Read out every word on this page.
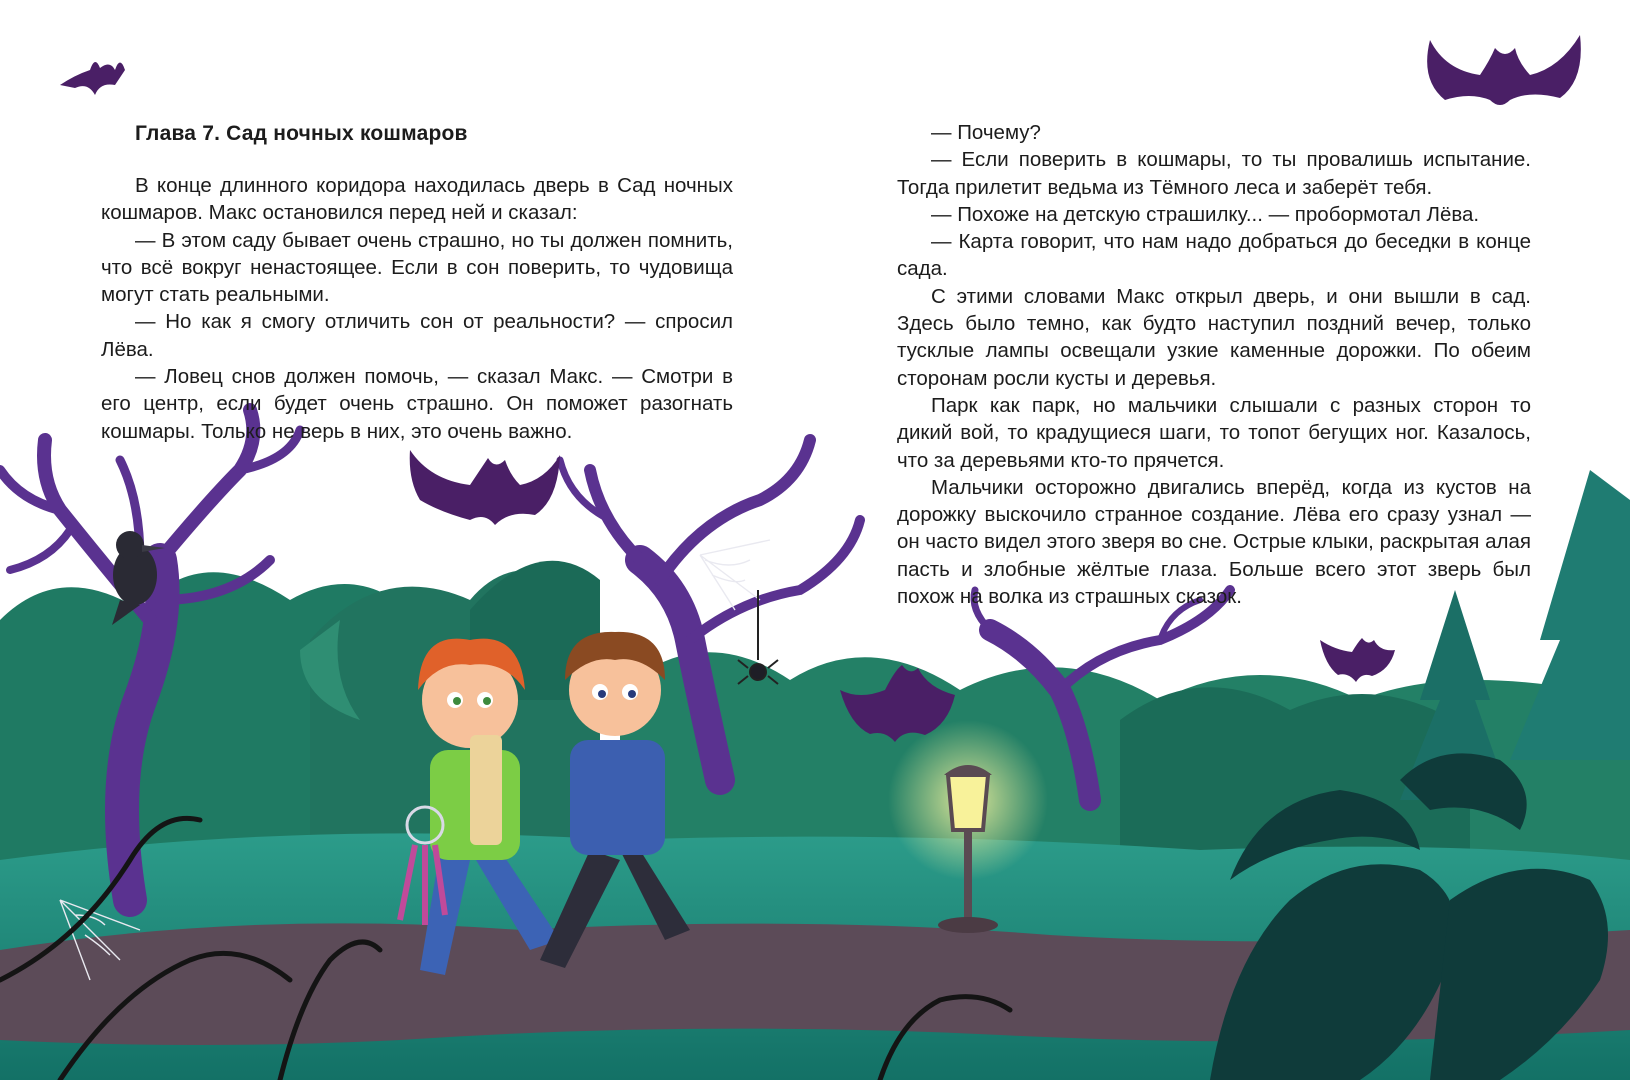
Глава 7. Сад ночных кошмаров

В конце длинного коридора находилась дверь в Сад ночных кошмаров. Макс остановился перед ней и сказал:

— В этом саду бывает очень страшно, но ты должен помнить, что всё вокруг ненастоящее. Если в сон поверить, то чудовища могут стать реальными.

— Но как я смогу отличить сон от реальности? — спросил Лёва.

— Ловец снов должен помочь, — сказал Макс. — Смотри в его центр, если будет очень страшно. Он поможет разогнать кошмары. Только не верь в них, это очень важно.

— Почему?

— Если поверить в кошмары, то ты провалишь испытание. Тогда прилетит ведьма из Тёмного леса и заберёт тебя.

— Похоже на детскую страшилку... — пробормотал Лёва.

— Карта говорит, что нам надо добраться до беседки в конце сада.

С этими словами Макс открыл дверь, и они вышли в сад. Здесь было темно, как будто наступил поздний вечер, только тусклые лампы освещали узкие каменные дорожки. По обеим сторонам росли кусты и деревья.

Парк как парк, но мальчики слышали с разных сторон то дикий вой, то крадущиеся шаги, то топот бегущих ног. Казалось, что за деревьями кто-то прячется.

Мальчики осторожно двигались вперёд, когда из кустов на дорожку выскочило странное создание. Лёва его сразу узнал — он часто видел этого зверя во сне. Острые клыки, раскрытая алая пасть и злобные жёлтые глаза. Больше всего этот зверь был похож на волка из страшных сказок.
